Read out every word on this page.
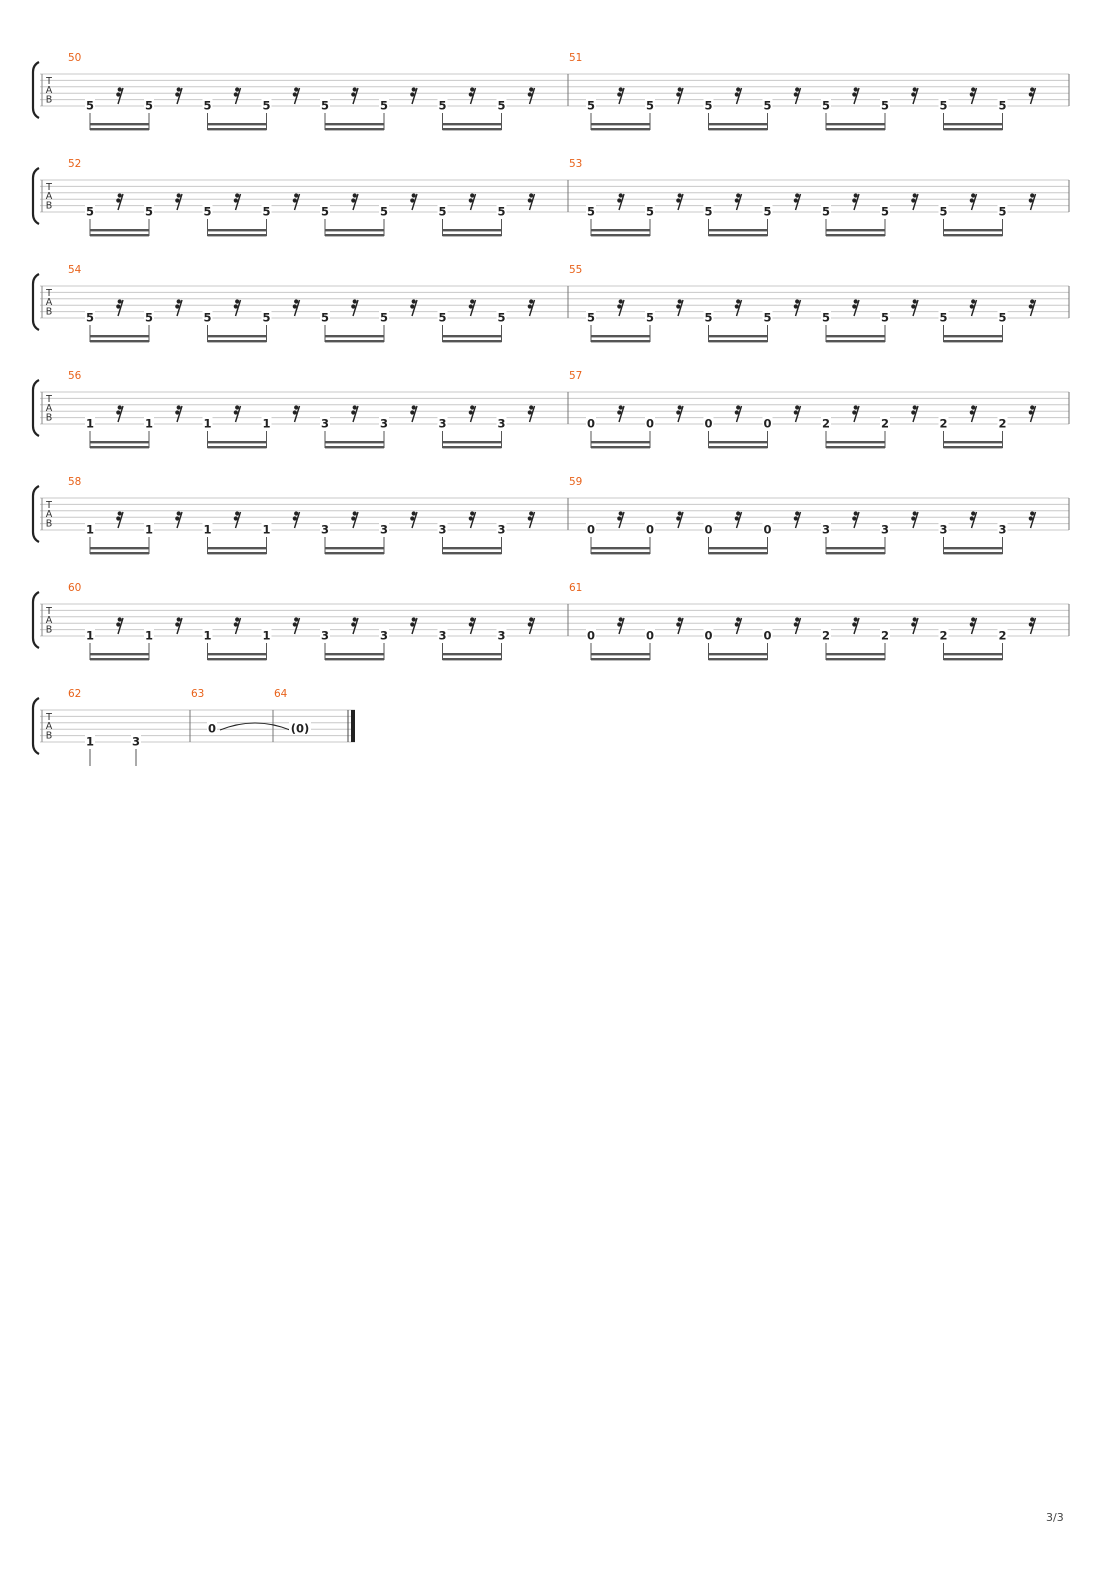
T
A
B
50
5	5	5	5	5	5	5	5
51
5	5	5	5	5	5	5	5
T
A
B
52
5	5	5	5	5	5	5	5
53
5	5	5	5	5	5	5	5
T
A
B
54
5	5	5	5	5	5	5	5
55
5	5	5	5	5	5	5	5
T
A
B
56
1	1	1	1	3	3	3	3
57
0	0	0	0	2	2	2	2
T
A
B
58
1	1	1	1	3	3	3	3
59
0	0	0	0	3	3	3	3
T
A
B
60
1	1	1	1	3	3	3	3
61
0	0	0	0	2	2	2	2
T
A
B
62	63	64
1	3
0	(0)
3/3
